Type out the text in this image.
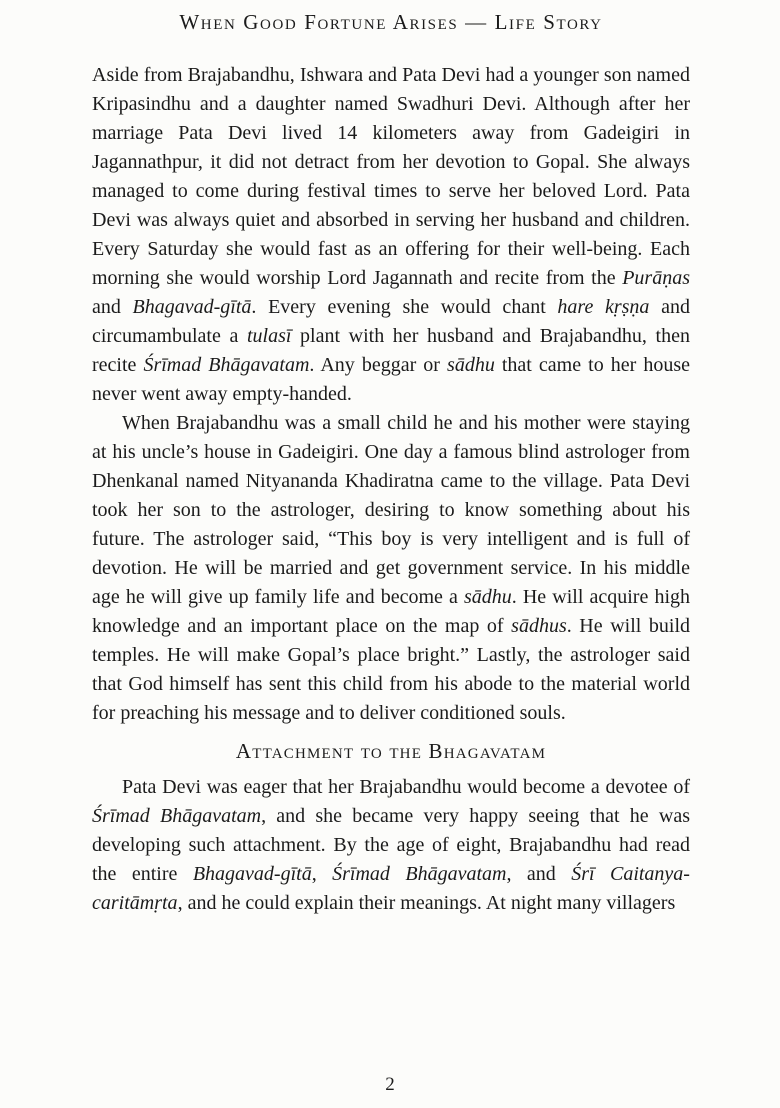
When Good Fortune Arises — Life Story

Aside from Brajabandhu, Ishwara and Pata Devi had a younger son named Kripasindhu and a daughter named Swadhuri Devi. Although after her marriage Pata Devi lived 14 kilometers away from Gadeigiri in Jagannathpur, it did not detract from her devotion to Gopal. She always managed to come during festival times to serve her beloved Lord. Pata Devi was always quiet and absorbed in serving her husband and children. Every Saturday she would fast as an offering for their well-being. Each morning she would worship Lord Jagannath and recite from the Purāṇas and Bhagavad-gītā. Every evening she would chant hare kṛṣṇa and circumambulate a tulasī plant with her husband and Brajabandhu, then recite Śrīmad Bhāgavatam. Any beggar or sādhu that came to her house never went away empty-handed.

When Brajabandhu was a small child he and his mother were staying at his uncle’s house in Gadeigiri. One day a famous blind astrologer from Dhenkanal named Nityananda Khadiratna came to the village. Pata Devi took her son to the astrologer, desiring to know something about his future. The astrologer said, “This boy is very intelligent and is full of devotion. He will be married and get government service. In his middle age he will give up family life and become a sādhu. He will acquire high knowledge and an important place on the map of sādhus. He will build temples. He will make Gopal’s place bright.” Lastly, the astrologer said that God himself has sent this child from his abode to the material world for preaching his message and to deliver conditioned souls.

Attachment to the Bhagavatam

Pata Devi was eager that her Brajabandhu would become a devotee of Śrīmad Bhāgavatam, and she became very happy seeing that he was developing such attachment. By the age of eight, Brajabandhu had read the entire Bhagavad-gītā, Śrīmad Bhāgavatam, and Śrī Caitanya-caritāmṛta, and he could explain their meanings. At night many villagers

2
